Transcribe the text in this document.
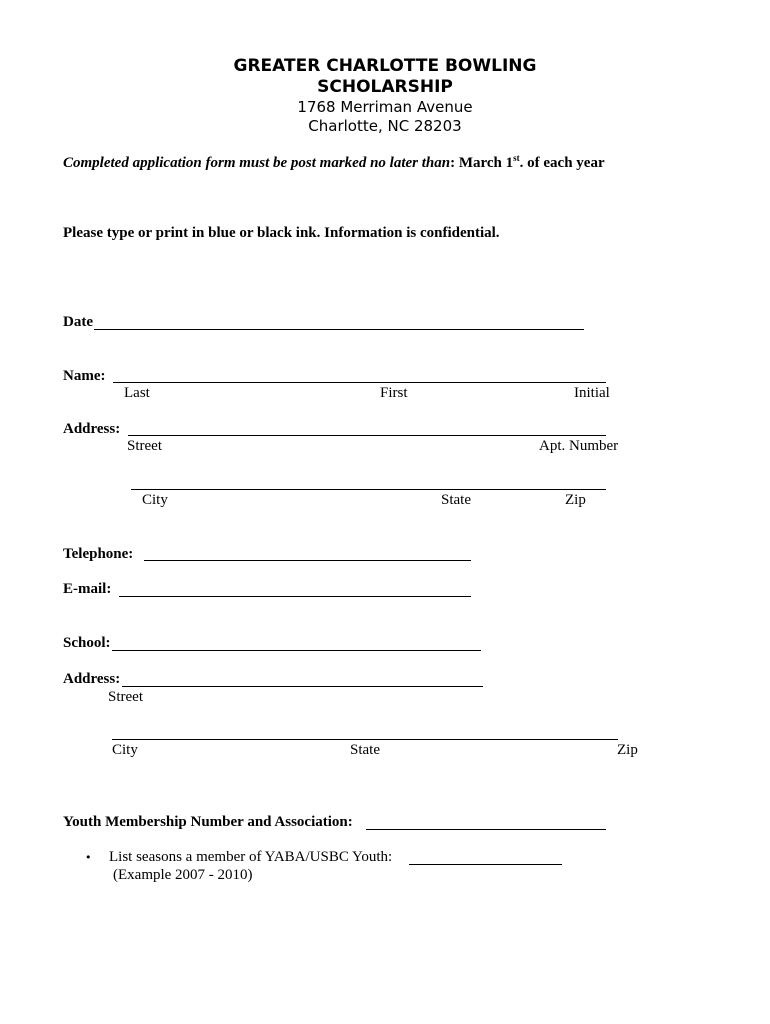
GREATER CHARLOTTE BOWLING
SCHOLARSHIP
1768 Merriman Avenue
Charlotte, NC 28203
Completed application form must be post marked no later than: March 1st. of each year
Please type or print in blue or black ink. Information is confidential.
Date
Name:
Last	First	Initial
Address:
Street	Apt. Number
City	State	Zip
Telephone:
E-mail:
School:
Address:
Street
City	State	Zip
Youth Membership Number and Association:
• List seasons a member of YABA/USBC Youth:
(Example 2007 - 2010)
